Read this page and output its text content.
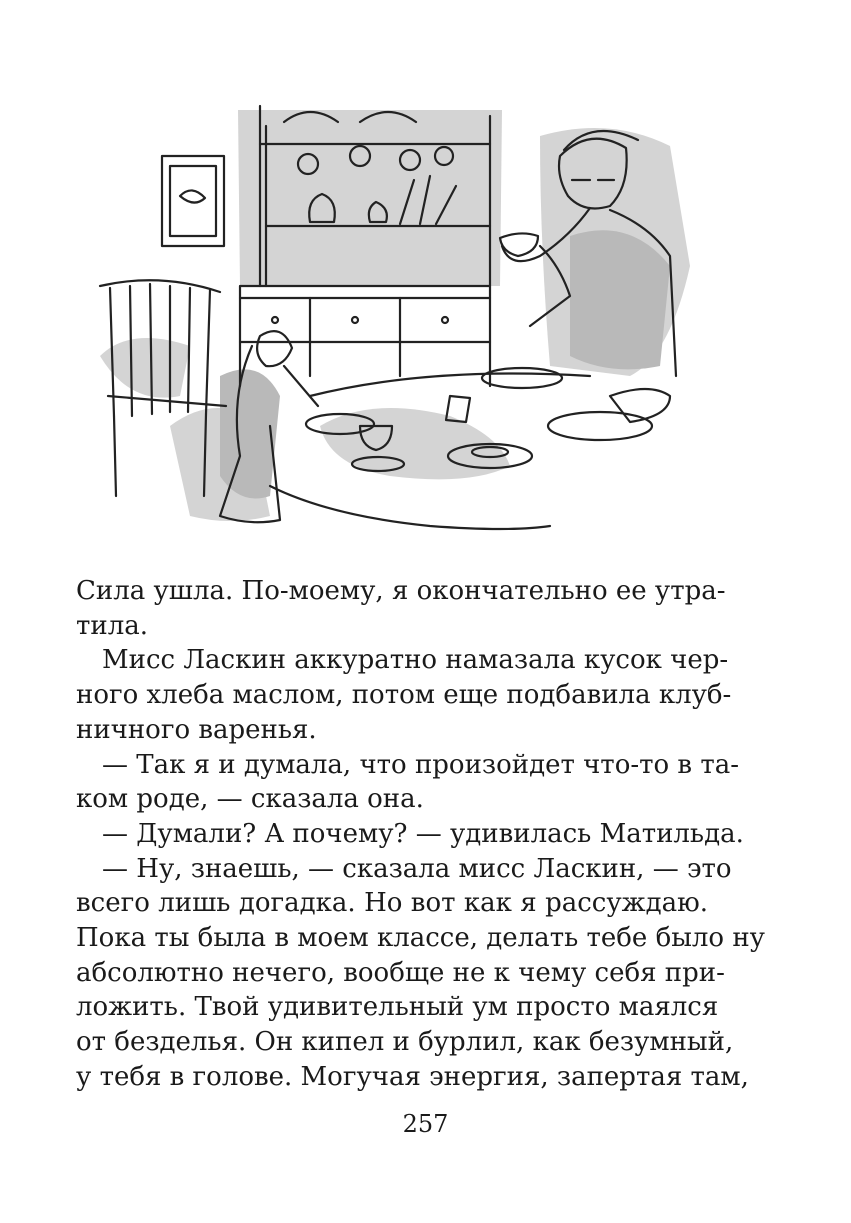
Сила ушла. По-моему, я окончательно ее утра-
тила.
Мисс Ласкин аккуратно намазала кусок чер-
ного хлеба маслом, потом еще подбавила клуб-
ничного варенья.
— Так я и думала, что произойдет что-то в та-
ком роде, — сказала она.
— Думали? А почему? — удивилась Матильда.
— Ну, знаешь, — сказала мисс Ласкин, — это
всего лишь догадка. Но вот как я рассуждаю.
Пока ты была в моем классе, делать тебе было ну
абсолютно нечего, вообще не к чему себя при-
ложить. Твой удивительный ум просто маялся
от безделья. Он кипел и бурлил, как безумный,
у тебя в голове. Могучая энергия, запертая там,
257
